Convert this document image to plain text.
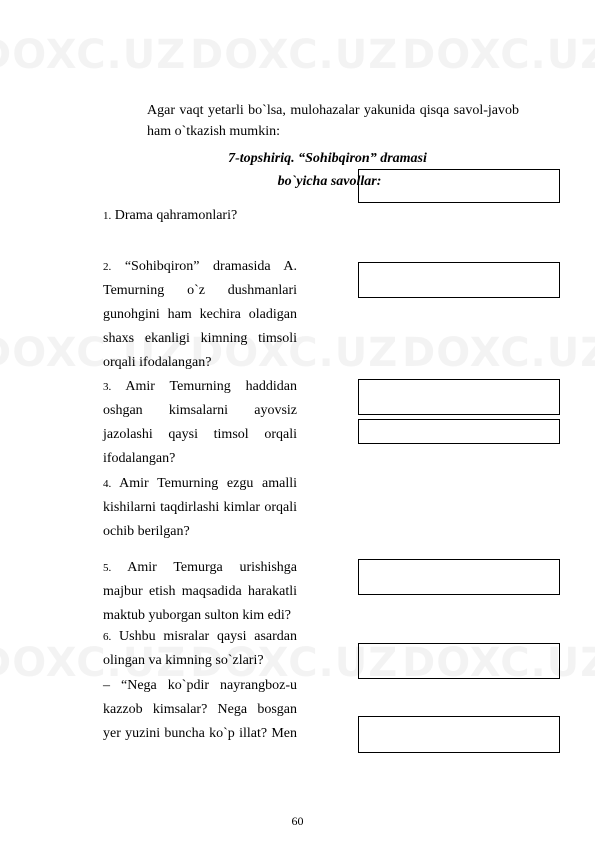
Agar vaqt yetarli bo`lsa, mulohazalar yakunida qisqa savol-javob ham o`tkazish mumkin:
7-topshiriq. “Sohibqiron” dramasi
bo`yicha savollar:
1. Drama qahramonlari?
2. “Sohibqiron” dramasida A. Temurning o`z dushmanlari gunohgini ham kechira oladigan shaxs ekanligi kimning timsoli orqali ifodalangan?
3. Amir Temurning haddidan oshgan kimsalarni ayovsiz jazolashi qaysi timsol orqali ifodalangan?
4. Amir Temurning ezgu amalli kishilarni taqdirlashi kimlar orqali ochib berilgan?
5. Amir Temurga urishishga majbur etish maqsadida harakatli maktub yuborgan sulton kim edi?
6. Ushbu misralar qaysi asardan olingan va kimning so`zlari?
– “Nega ko`pdir nayrangboz-u kazzob kimsalar? Nega bosgan yer yuzini buncha ko`p illat? Men
60
